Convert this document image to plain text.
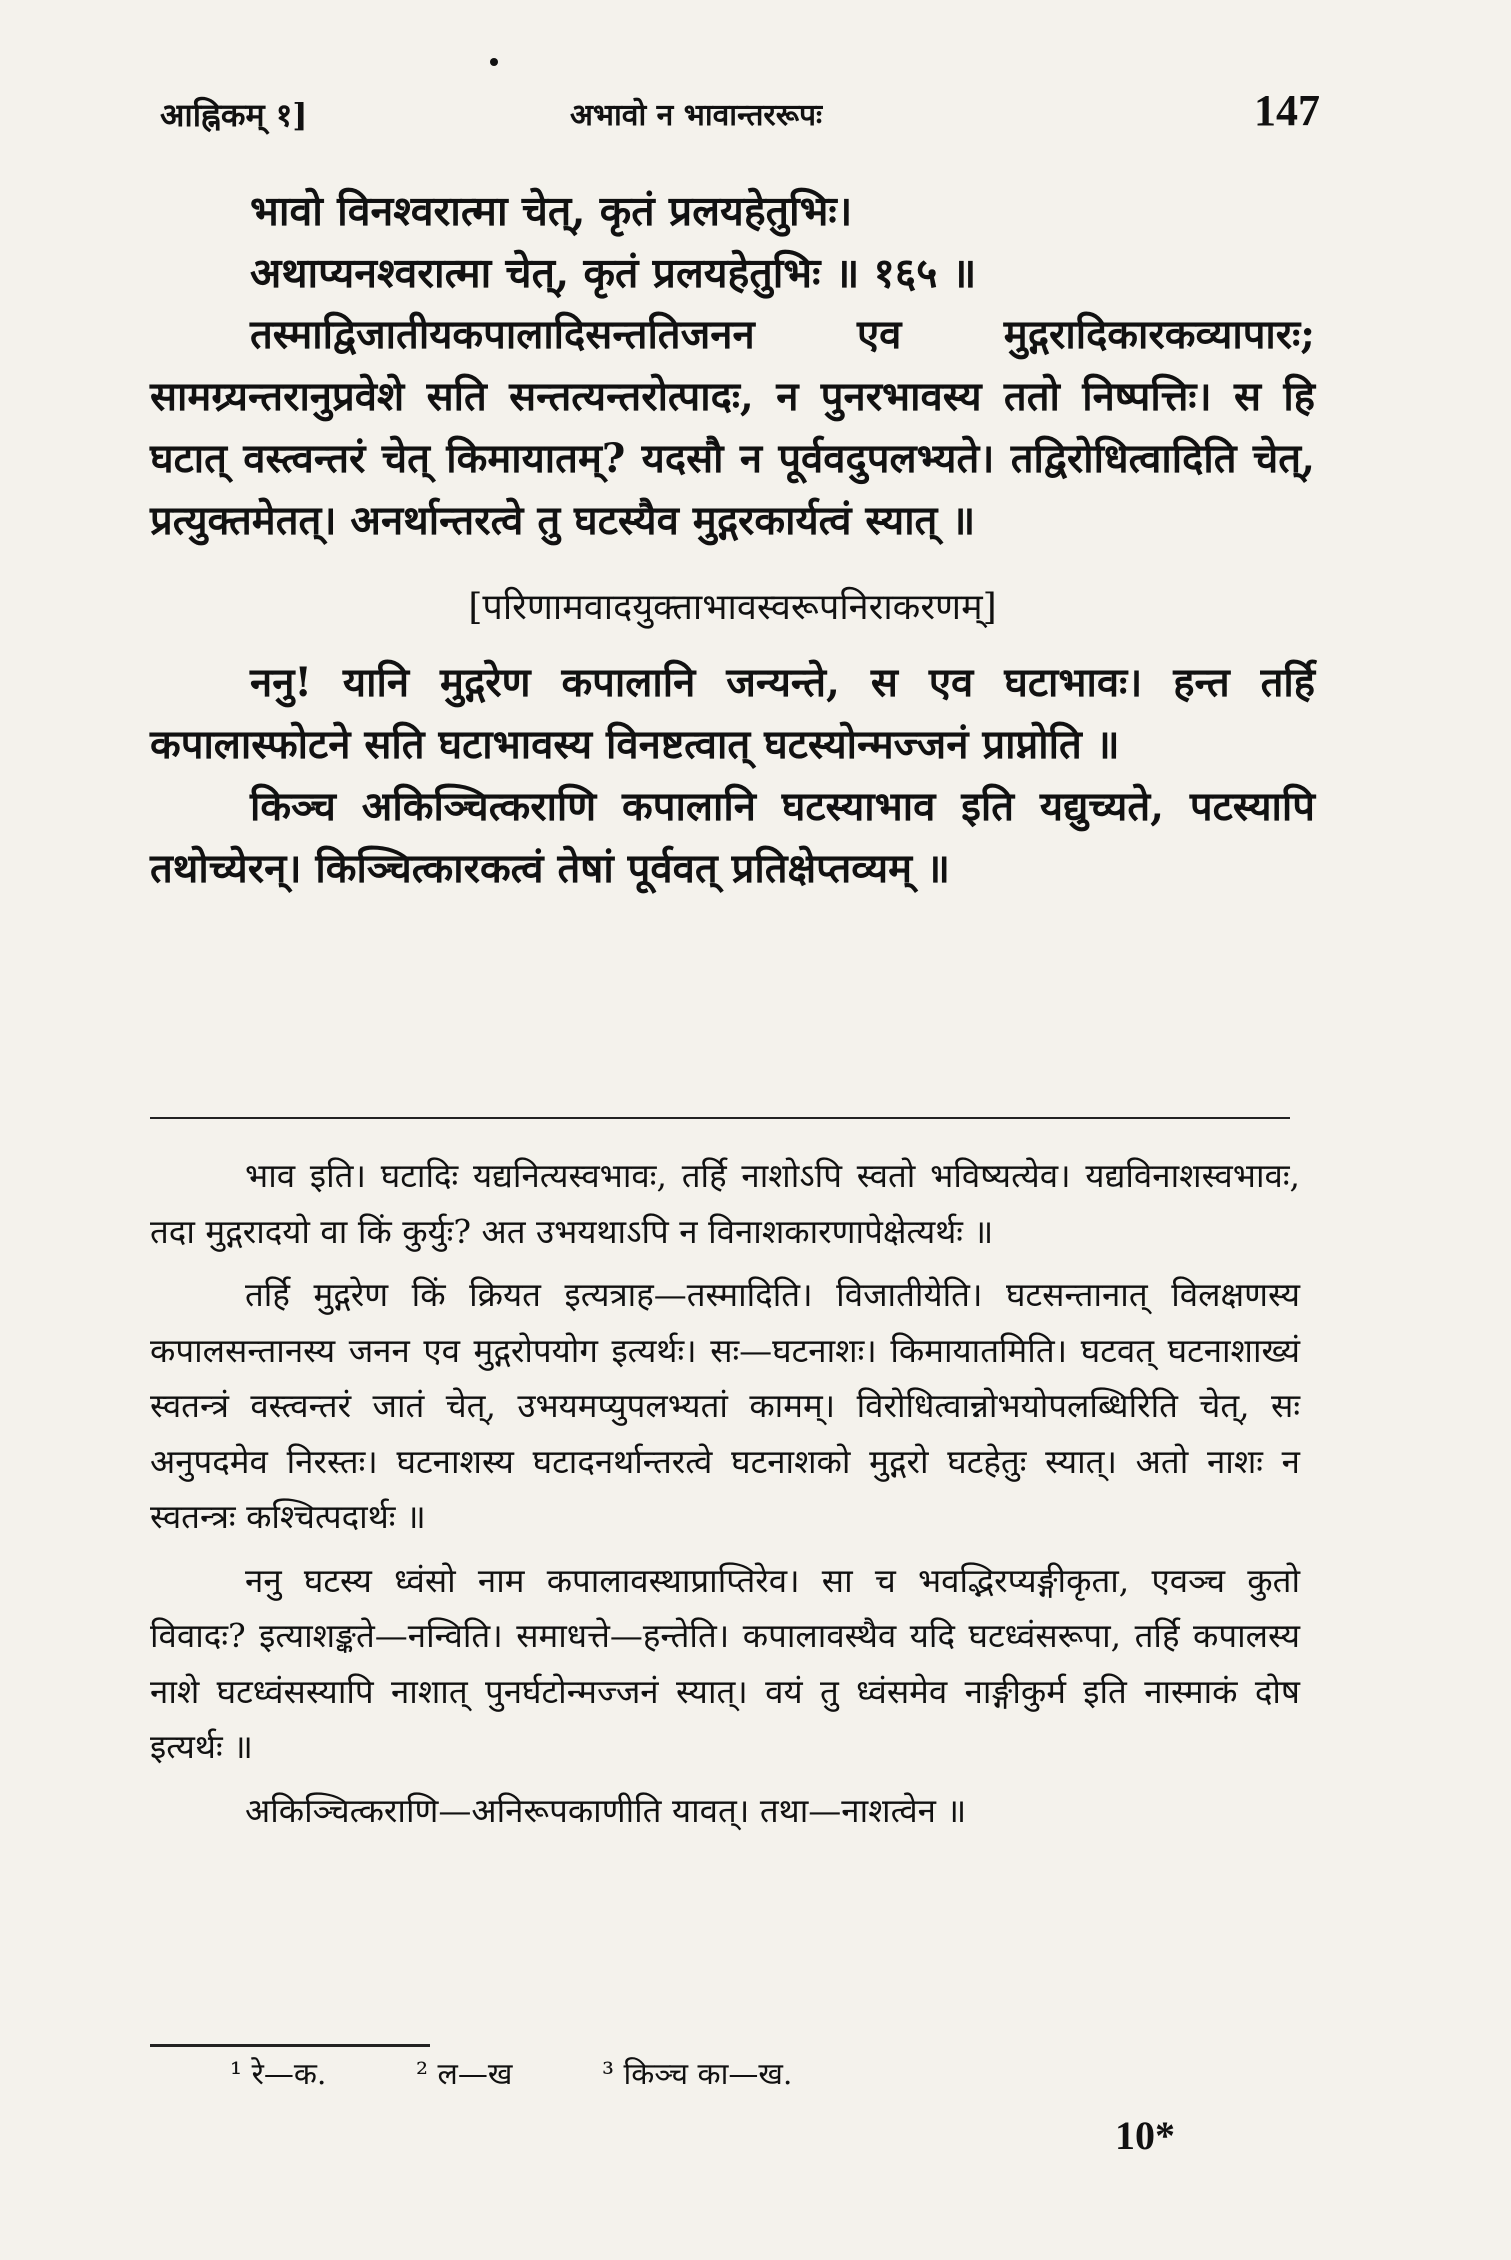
आह्निकम् १]	अभावो न भावान्तररूपः	147

भावो विनश्वरात्मा चेत्, कृतं प्रलयहेतुभिः।

अथाप्यनश्वरात्मा चेत्, कृतं प्रलयहेतुभिः ॥ १६५ ॥

तस्माद्विजातीयकपालादिसन्ततिजनन एव मुद्गरादिकारकव्यापारः; सामग्र्यन्तरानुप्रवेशे सति सन्तत्यन्तरोत्पादः, न पुनरभावस्य ततो निष्पत्तिः। स हि घटात् वस्त्वन्तरं चेत् किमायातम्? यदसौ न पूर्ववदुपलभ्यते। तद्विरोधित्वादिति चेत्, प्रत्युक्तमेतत्। अनर्थान्तरत्वे तु घटस्यैव मुद्गरकार्यत्वं स्यात् ॥

[परिणामवादयुक्ताभावस्वरूपनिराकरणम्]

ननु! यानि मुद्गरेण कपालानि जन्यन्ते, स एव घटाभावः। हन्त तर्हि कपालास्फोटने सति घटाभावस्य विनष्टत्वात् घटस्योन्मज्जनं प्राप्नोति ॥

किञ्च अकिञ्चित्कराणि कपालानि घटस्याभाव इति यद्युच्यते, पटस्यापि तथोच्येरन्। किञ्चित्कारकत्वं तेषां पूर्ववत् प्रतिक्षेप्तव्यम् ॥

भाव इति। घटादिः यद्यनित्यस्वभावः, तर्हि नाशोऽपि स्वतो भविष्यत्येव। यद्यविनाशस्वभावः, तदा मुद्गरादयो वा किं कुर्युः? अत उभयथाऽपि न विनाशकारणापेक्षेत्यर्थः ॥

तर्हि मुद्गरेण किं क्रियत इत्यत्राह—तस्मादिति। विजातीयेति। घटसन्तानात् विलक्षणस्य कपालसन्तानस्य जनन एव मुद्गरोपयोग इत्यर्थः। सः—घटनाशः। किमायातमिति। घटवत् घटनाशाख्यं स्वतन्त्रं वस्त्वन्तरं जातं चेत्, उभयमप्युपलभ्यतां कामम्। विरोधित्वान्नोभयोपलब्धिरिति चेत्, सः अनुपदमेव निरस्तः। घटनाशस्य घटादनर्थान्तरत्वे घटनाशको मुद्गरो घटहेतुः स्यात्। अतो नाशः न स्वतन्त्रः कश्चित्पदार्थः ॥

ननु घटस्य ध्वंसो नाम कपालावस्थाप्राप्तिरेव। सा च भवद्भिरप्यङ्गीकृता, एवञ्च कुतो विवादः? इत्याशङ्कते—नन्विति। समाधत्ते—हन्तेति। कपालावस्थैव यदि घटध्वंसरूपा, तर्हि कपालस्य नाशे घटध्वंसस्यापि नाशात् पुनर्घटोन्मज्जनं स्यात्। वयं तु ध्वंसमेव नाङ्गीकुर्म इति नास्माकं दोष इत्यर्थः ॥

अकिञ्चित्कराणि—अनिरूपकाणीति यावत्। तथा—नाशत्वेन ॥

¹ रे—क.	² ल—ख	³ किञ्च का—ख.
10*
